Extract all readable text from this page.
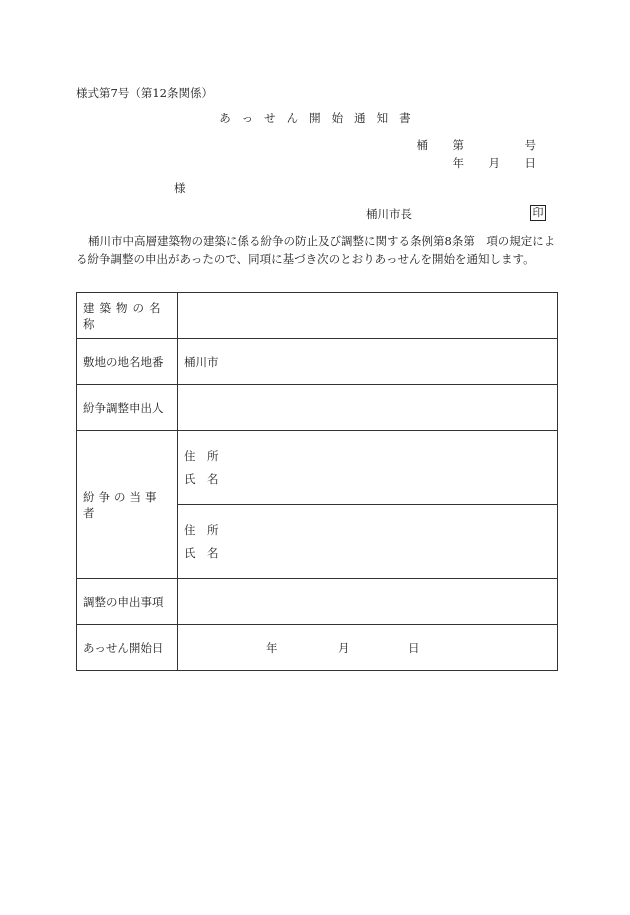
様式第7号（第12条関係）
あっせん開始通知書
桶 第	号
年 月 日
様
桶川市長	印
桶川市中高層建築物の建築に係る紛争の防止及び調整に関する条例第8条第　項の規定による紛争調整の申出があったので、同項に基づき次のとおりあっせんを開始を通知します。
建築物の名称	

敷地の地名地番	桶川市
紛争調整申出人	
紛争の当事者	住　所
氏　名

	住　所
氏　名

調整の申出事項	
あっせん開始日	年 月 日
